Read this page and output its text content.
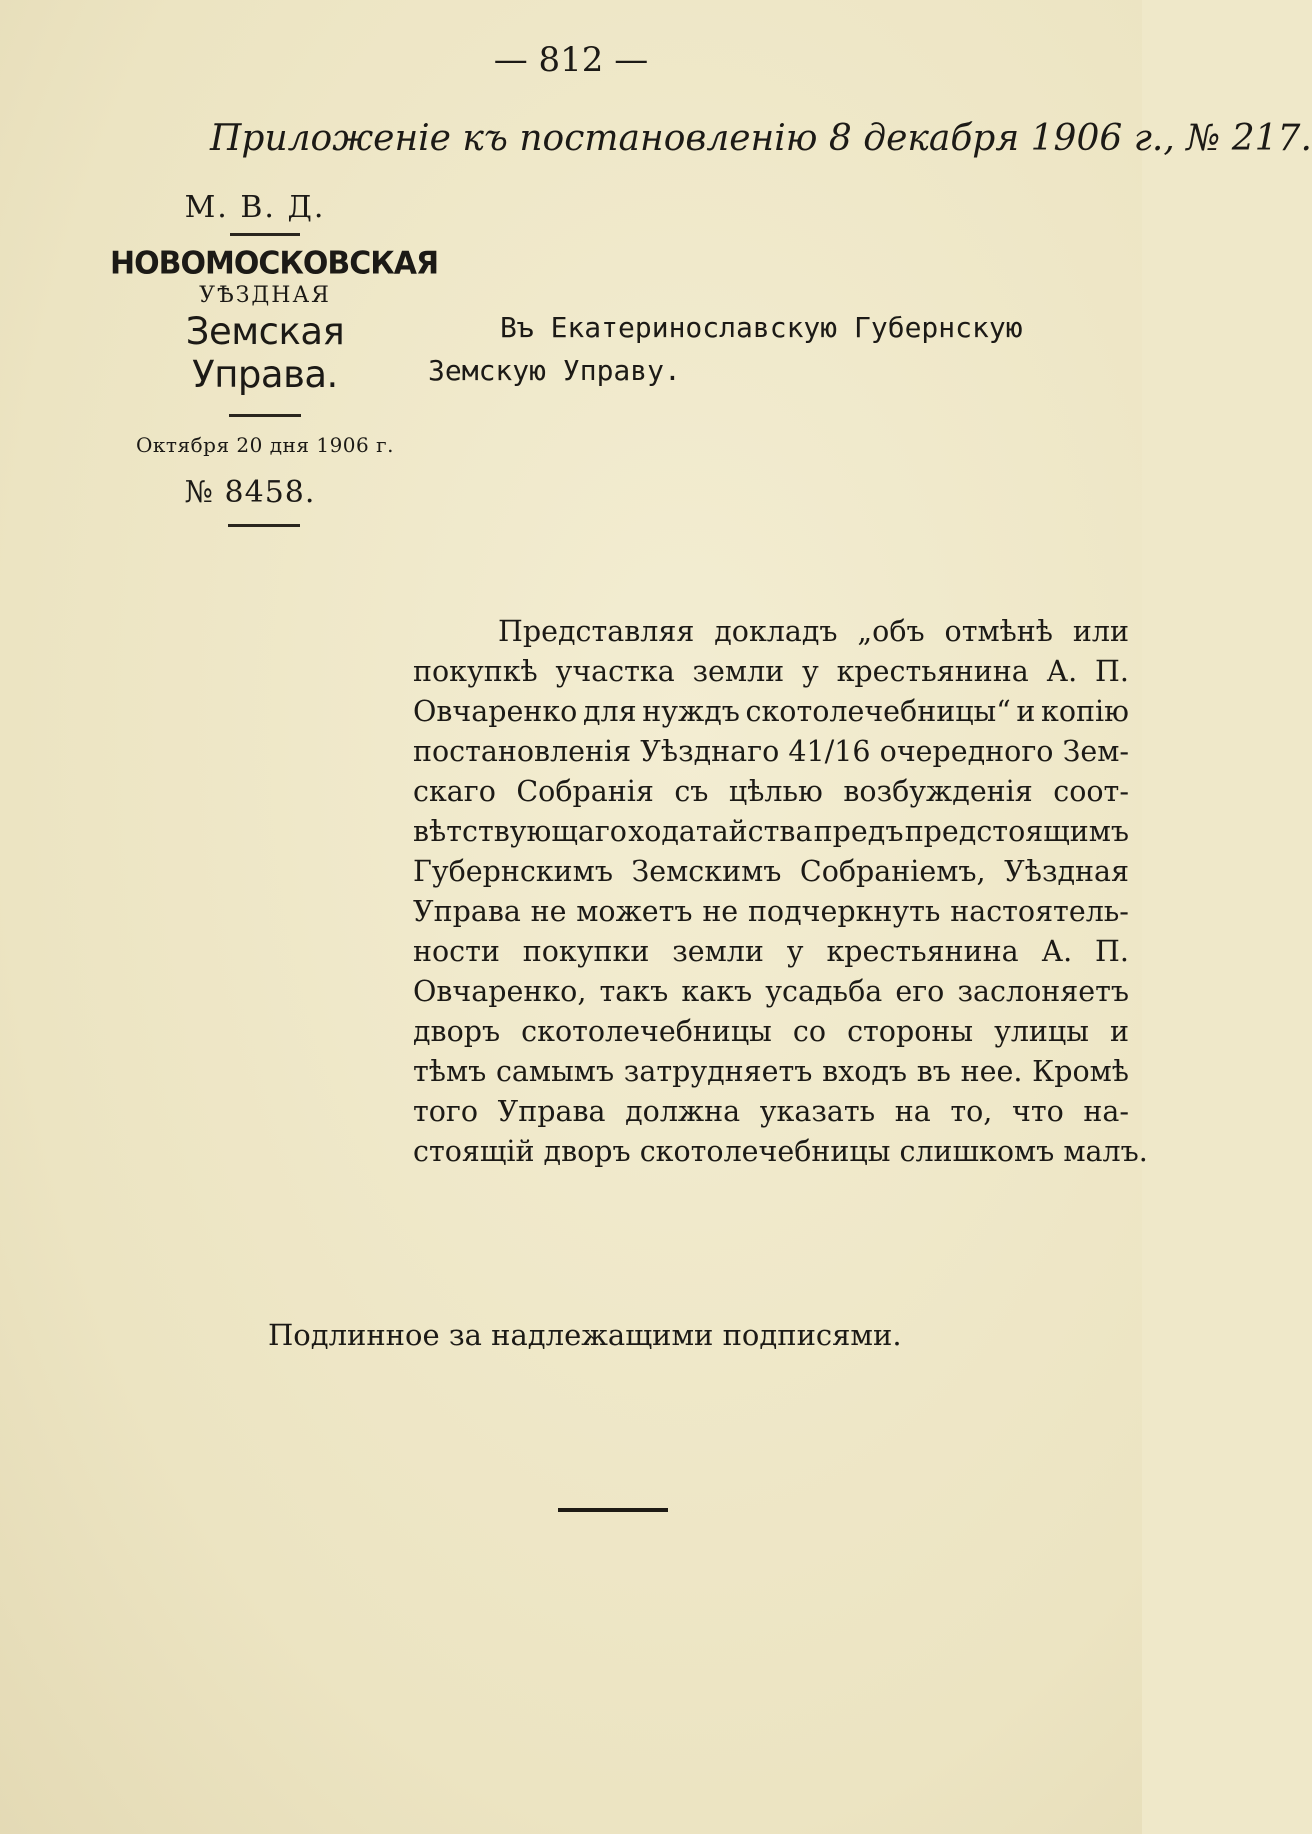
— 812 —
Приложеніе къ постановленію 8 декабря 1906 г., № 217.
М. В. Д.
НОВОМОСКОВСКАЯ
УѢЗДНАЯ
Земская Управа.
Октября 20 дня 1906 г.
№ 8458.
Въ Екатеринославскую Губернскую
Земскую Управу.
Представляя докладъ „объ отмѣнѣ или
покупкѣ участка земли у крестьянина А. П.
Овчаренко для нуждъ скотолечебницы“ и копію
постановленія Уѣзднаго 41/16 очередного Зем-
скаго Собранія съ цѣлью возбужденія соот-
вѣтствующаго ходатайства предъ предстоящимъ
Губернскимъ Земскимъ Собраніемъ, Уѣздная
Управа не можетъ не подчеркнуть настоятель-
ности покупки земли у крестьянина А. П.
Овчаренко, такъ какъ усадьба его заслоняетъ
дворъ скотолечебницы со стороны улицы и
тѣмъ самымъ затрудняетъ входъ въ нее. Кромѣ
того Управа должна указать на то, что на-
стоящій дворъ скотолечебницы слишкомъ малъ.
Подлинное за надлежащими подписями.
